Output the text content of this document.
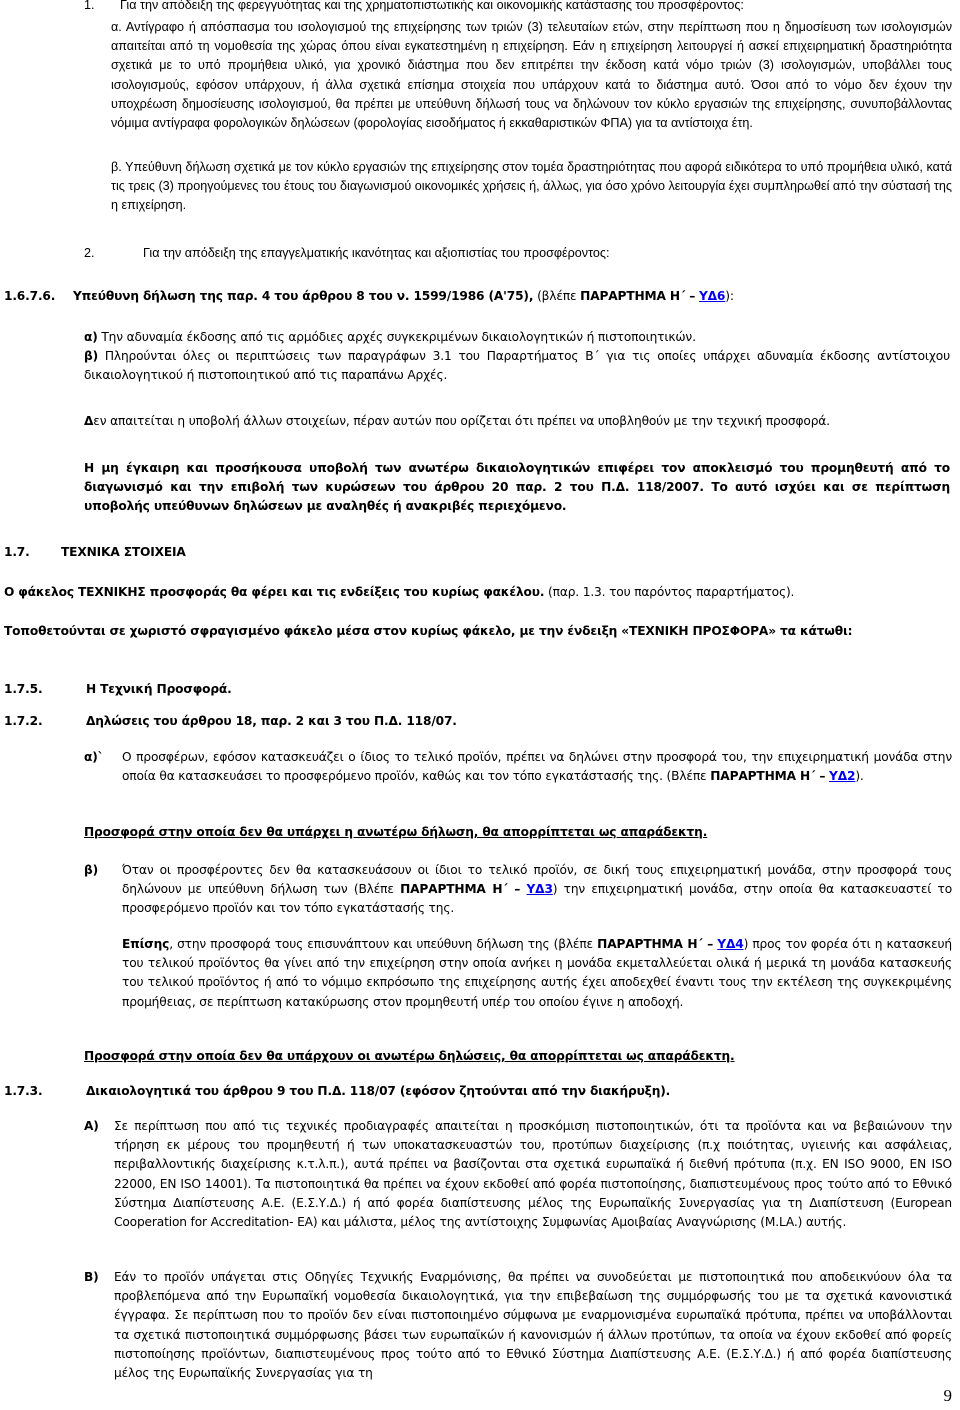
1. Για την απόδειξη της φερεγγυότητας και της χρηματοπιστωτικής και οικονομικής κατάστασης του προσφέροντος:

α. Αντίγραφο ή απόσπασμα του ισολογισμού της επιχείρησης των τριών (3) τελευταίων ετών, στην περίπτωση που η δημοσίευση των ισολογισμών απαιτείται από τη νομοθεσία της χώρας όπου είναι εγκατεστημένη η επιχείρηση. Εάν η επιχείρηση λειτουργεί ή ασκεί επιχειρηματική δραστηριότητα σχετικά με το υπό προμήθεια υλικό, για χρονικό διάστημα που δεν επιτρέπει την έκδοση κατά νόμο τριών (3) ισολογισμών, υποβάλλει τους ισολογισμούς, εφόσον υπάρχουν, ή άλλα σχετικά επίσημα στοιχεία που υπάρχουν κατά το διάστημα αυτό. Όσοι από το νόμο δεν έχουν την υποχρέωση δημοσίευσης ισολογισμού, θα πρέπει με υπεύθυνη δήλωσή τους να δηλώνουν τον κύκλο εργασιών της επιχείρησης, συνυποβάλλοντας νόμιμα αντίγραφα φορολογικών δηλώσεων (φορολογίας εισοδήματος ή εκκαθαριστικών ΦΠΑ) για τα αντίστοιχα έτη.

β. Υπεύθυνη δήλωση σχετικά με τον κύκλο εργασιών της επιχείρησης στον τομέα δραστηριότητας που αφορά ειδικότερα το υπό προμήθεια υλικό, κατά τις τρεις (3) προηγούμενες του έτους του διαγωνισμού οικονομικές χρήσεις ή, άλλως, για όσο χρόνο λειτουργία έχει συμπληρωθεί από την σύστασή της η επιχείρηση.

2.	Για την απόδειξη της επαγγελματικής ικανότητας και αξιοπιστίας του προσφέροντος:
1.6.7.6. Υπεύθυνη δήλωση της παρ. 4 του άρθρου 8 του ν. 1599/1986 (Α'75), (βλέπε ΠΑΡΑΡΤΗΜΑ Η΄ – ΥΔ6):

α) Την αδυναμία έκδοσης από τις αρμόδιες αρχές συγκεκριμένων δικαιολογητικών ή πιστοποιητικών.

β) Πληρούνται όλες οι περιπτώσεις των παραγράφων 3.1 του Παραρτήματος Β΄ για τις οποίες υπάρχει αδυναμία έκδοσης αντίστοιχου δικαιολογητικού ή πιστοποιητικού από τις παραπάνω Αρχές.

Δεν απαιτείται η υποβολή άλλων στοιχείων, πέραν αυτών που ορίζεται ότι πρέπει να υποβληθούν με την τεχνική προσφορά.
Η μη έγκαιρη και προσήκουσα υποβολή των ανωτέρω δικαιολογητικών επιφέρει τον αποκλεισμό του προμηθευτή από το διαγωνισμό και την επιβολή των κυρώσεων του άρθρου 20 παρ. 2 του Π.Δ. 118/2007. Το αυτό ισχύει και σε περίπτωση υποβολής υπεύθυνων δηλώσεων με αναληθές ή ανακριβές περιεχόμενο.
1.7.	ΤΕΧΝΙΚΑ ΣΤΟΙΧΕΙΑ
Ο φάκελος ΤΕΧΝΙΚΗΣ προσφοράς θα φέρει και τις ενδείξεις του κυρίως φακέλου. (παρ. 1.3. του παρόντος παραρτήματος).
Τοποθετούνται σε χωριστό σφραγισμένο φάκελο μέσα στον κυρίως φάκελο, με την ένδειξη «ΤΕΧΝΙΚΗ ΠΡΟΣΦΟΡΑ» τα κάτωθι:
1.7.5.	Η Τεχνική Προσφορά.
1.7.2.	Δηλώσεις του άρθρου 18, παρ. 2 και 3 του Π.Δ. 118/07.
α)`	Ο προσφέρων, εφόσον κατασκευάζει ο ίδιος το τελικό προϊόν, πρέπει να δηλώνει στην προσφορά του, την επιχειρηματική μονάδα στην οποία θα κατασκευάσει το προσφερόμενο προϊόν, καθώς και τον τόπο εγκατάστασής της. (Βλέπε ΠΑΡΑΡΤΗΜΑ Η΄ – ΥΔ2).
Προσφορά στην οποία δεν θα υπάρχει η ανωτέρω δήλωση, θα απορρίπτεται ως απαράδεκτη.
β)	Όταν οι προσφέροντες δεν θα κατασκευάσουν οι ίδιοι το τελικό προϊόν, σε δική τους επιχειρηματική μονάδα, στην προσφορά τους δηλώνουν με υπεύθυνη δήλωση των (Βλέπε ΠΑΡΑΡΤΗΜΑ Η΄ – ΥΔ3) την επιχειρηματική μονάδα, στην οποία θα κατασκευαστεί το προσφερόμενο προϊόν και τον τόπο εγκατάστασής της.
Επίσης, στην προσφορά τους επισυνάπτουν και υπεύθυνη δήλωση της (βλέπε ΠΑΡΑΡΤΗΜΑ Η΄ – ΥΔ4) προς τον φορέα ότι η κατασκευή του τελικού προϊόντος θα γίνει από την επιχείρηση στην οποία ανήκει η μονάδα εκμεταλλεύεται ολικά ή μερικά τη μονάδα κατασκευής του τελικού προϊόντος ή από το νόμιμο εκπρόσωπο της επιχείρησης αυτής έχει αποδεχθεί έναντι τους την εκτέλεση της συγκεκριμένης προμήθειας, σε περίπτωση κατακύρωσης στον προμηθευτή υπέρ του οποίου έγινε η αποδοχή.
Προσφορά στην οποία δεν θα υπάρχουν οι ανωτέρω δηλώσεις, θα απορρίπτεται ως απαράδεκτη.
1.7.3.	Δικαιολογητικά του άρθρου 9 του Π.Δ. 118/07 (εφόσον ζητούνται από την διακήρυξη).
Α)	Σε περίπτωση που από τις τεχνικές προδιαγραφές απαιτείται η προσκόμιση πιστοποιητικών, ότι τα προϊόντα και να βεβαιώνουν την τήρηση εκ μέρους του προμηθευτή ή των υποκατασκευαστών του, προτύπων διαχείρισης (π.χ ποιότητας, υγιεινής και ασφάλειας, περιβαλλοντικής διαχείρισης κ.τ.λ.π.), αυτά πρέπει να βασίζονται στα σχετικά ευρωπαϊκά ή διεθνή πρότυπα (π.χ. ΕΝ ISO 9000, ΕΝ ISO 22000, ΕΝ ISO 14001). Τα πιστοποιητικά θα πρέπει να έχουν εκδοθεί από φορέα πιστοποίησης, διαπιστευμένους προς τούτο από το Εθνικό Σύστημα Διαπίστευσης Α.Ε. (Ε.Σ.Υ.Δ.) ή από φορέα διαπίστευσης μέλος της Ευρωπαϊκής Συνεργασίας για τη Διαπίστευση (European Cooperation for Accreditation- EA) και μάλιστα, μέλος της αντίστοιχης Συμφωνίας Αμοιβαίας Αναγνώρισης (M.LA.) αυτής.
Β)	Εάν το προϊόν υπάγεται στις Οδηγίες Τεχνικής Εναρμόνισης, θα πρέπει να συνοδεύεται με πιστοποιητικά που αποδεικνύουν όλα τα προβλεπόμενα από την Ευρωπαϊκή νομοθεσία δικαιολογητικά, για την επιβεβαίωση της συμμόρφωσής του με τα σχετικά κανονιστικά έγγραφα. Σε περίπτωση που το προϊόν δεν είναι πιστοποιημένο σύμφωνα με εναρμονισμένα ευρωπαϊκά πρότυπα, πρέπει να υποβάλλονται τα σχετικά πιστοποιητικά συμμόρφωσης βάσει των ευρωπαϊκών ή κανονισμών ή άλλων προτύπων, τα οποία να έχουν εκδοθεί από φορείς πιστοποίησης προϊόντων, διαπιστευμένους προς τούτο από το Εθνικό Σύστημα Διαπίστευσης Α.Ε. (Ε.Σ.Υ.Δ.) ή από φορέα διαπίστευσης μέλος της Ευρωπαϊκής Συνεργασίας για τη
9
